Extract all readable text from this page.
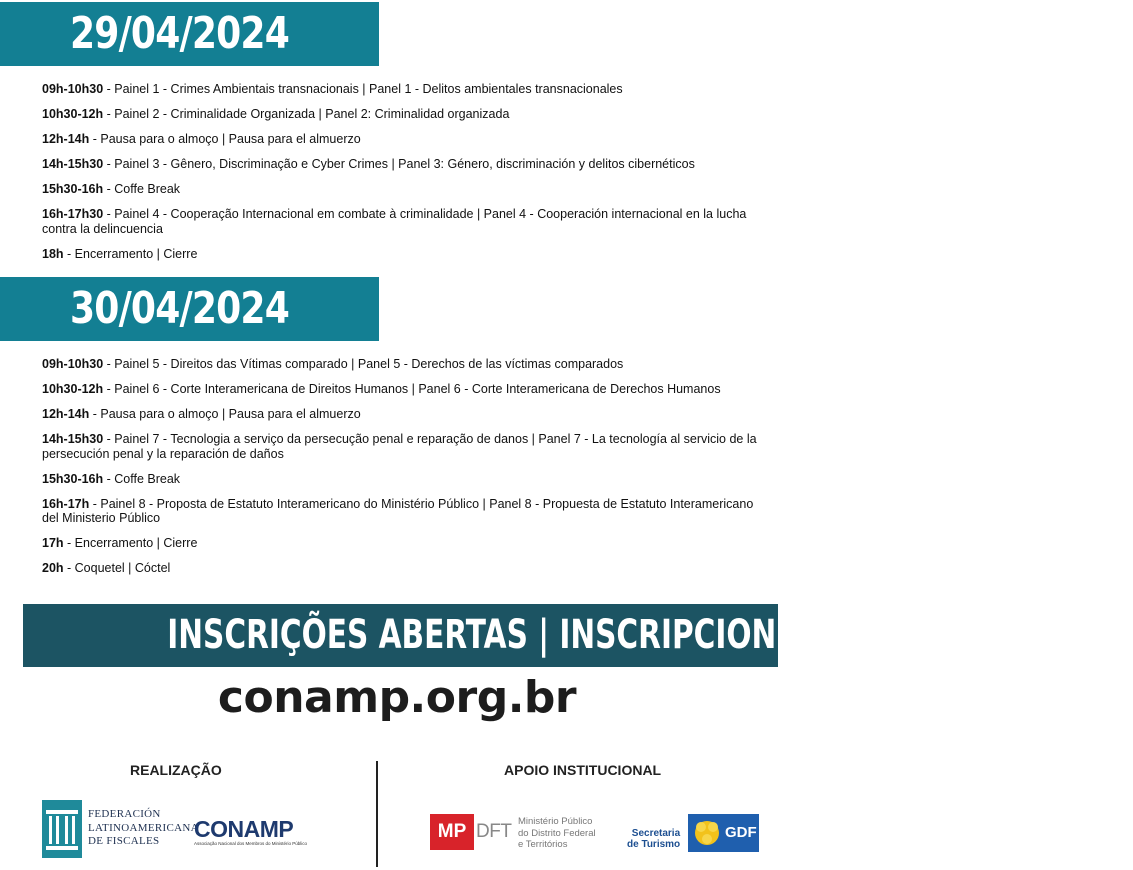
29/04/2024
09h-10h30 - Painel 1 - Crimes Ambientais transnacionais | Panel 1 - Delitos ambientales transnacionales
10h30-12h - Painel 2 - Criminalidade Organizada | Panel 2: Criminalidad organizada
12h-14h - Pausa para o almoço | Pausa para el almuerzo
14h-15h30 - Painel 3 - Gênero, Discriminação e Cyber Crimes | Panel 3: Género, discriminación y delitos cibernéticos
15h30-16h - Coffe Break
16h-17h30 - Painel 4 - Cooperação Internacional em combate à criminalidade | Panel 4 - Cooperación internacional en la lucha contra la delincuencia
18h - Encerramento | Cierre
30/04/2024
09h-10h30 - Painel 5 - Direitos das Vítimas comparado | Panel 5 - Derechos de las víctimas comparados
10h30-12h - Painel 6 - Corte Interamericana de Direitos Humanos | Panel 6 - Corte Interamericana de Derechos Humanos
12h-14h - Pausa para o almoço | Pausa para el almuerzo
14h-15h30 - Painel 7 - Tecnologia a serviço da persecução penal e reparação de danos | Panel 7 - La tecnología al servicio de la persecución penal y la reparación de daños
15h30-16h - Coffe Break
16h-17h - Painel 8 - Proposta de Estatuto Interamericano do Ministério Público | Panel 8 - Propuesta de Estatuto Interamericano del Ministerio Público
17h - Encerramento | Cierre
20h - Coquetel | Cóctel
INSCRIÇÕES ABERTAS | INSCRIPCIONES ABIERTAS
conamp.org.br
REALIZAÇÃO	APOIO INSTITUCIONAL
FEDERACIÓN
LATINOAMERICANA
DE FISCALES	CONAMP
Associação Nacional dos Membros do Ministério Público
MP DFT Ministério Público
do Distrito Federal
e Territórios
Secretaria
de Turismo
GDF
